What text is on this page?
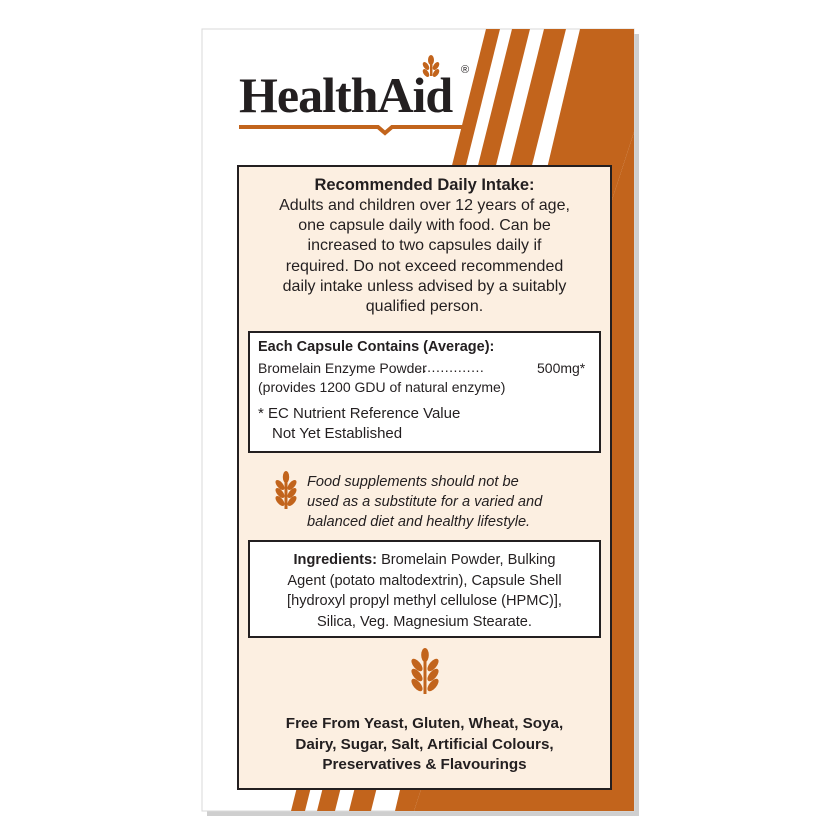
HealthAid ®
Recommended Daily Intake:
Adults and children over 12 years of age,
one capsule daily with food. Can be
increased to two capsules daily if
required. Do not exceed recommended
daily intake unless advised by a suitably
qualified person.
Each Capsule Contains (Average):
Bromelain Enzyme Powder
................	500mg*
(provides 1200 GDU of natural enzyme)
* EC Nutrient Reference Value
Not Yet Established
Food supplements should not be
used as a substitute for a varied and
balanced diet and healthy lifestyle.
Ingredients: Bromelain Powder, Bulking
Agent (potato maltodextrin), Capsule Shell
[hydroxyl propyl methyl cellulose (HPMC)],
Silica, Veg. Magnesium Stearate.
Free From Yeast, Gluten, Wheat, Soya,
Dairy, Sugar, Salt, Artificial Colours,
Preservatives & Flavourings
